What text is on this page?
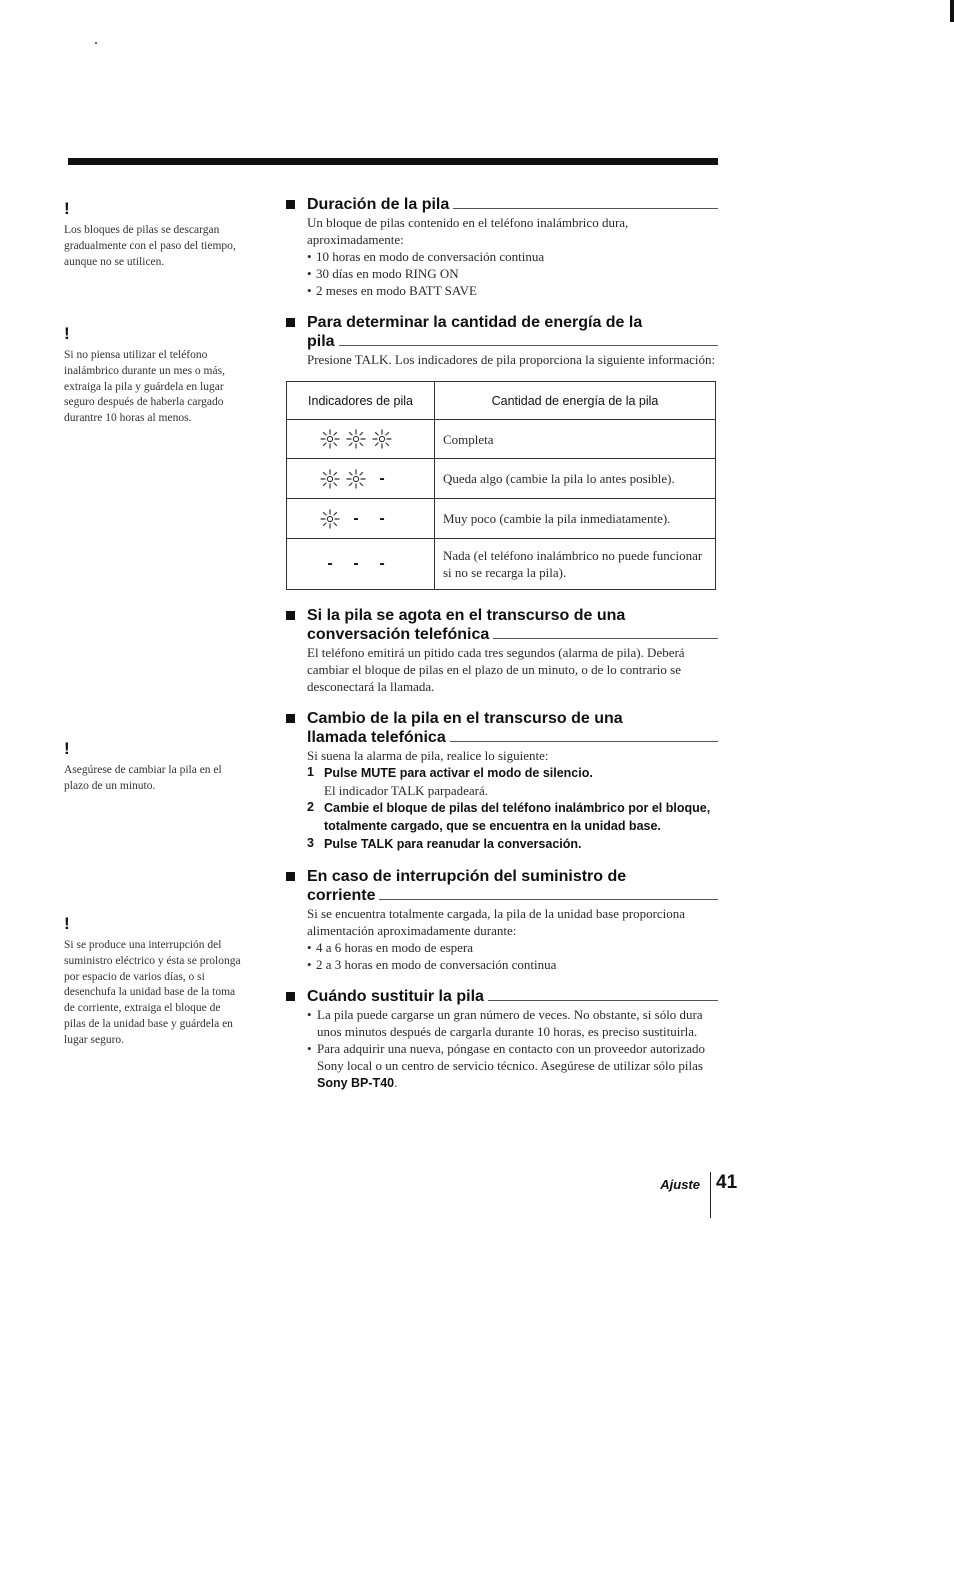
!
Los bloques de pilas se descargan gradualmente con el paso del tiempo, aunque no se utilicen.
!
Si no piensa utilizar el teléfono inalámbrico durante un mes o más, extraiga la pila y guárdela en lugar seguro después de haberla cargado durantre 10 horas al menos.
!
Asegúrese de cambiar la pila en el plazo de un minuto.
!
Si se produce una interrupción del suministro eléctrico y ésta se prolonga por espacio de varios días, o si desenchufa la unidad base de la toma de corriente, extraiga el bloque de pilas de la unidad base y guárdela en lugar seguro.
Duración de la pila

Un bloque de pilas contenido en el teléfono inalámbrico dura, aproximadamente:

• 10 horas en modo de conversación continua
• 30 días en modo RING ON
• 2 meses en modo BATT SAVE
Para determinar la cantidad de energía de la
pila

Presione TALK. Los indicadores de pila proporciona la siguiente información:

Indicadores de pila	Cantidad de energía de la pila

	Completa

-	Queda algo (cambie la pila lo antes posible).

- -	Muy poco (cambie la pila inmediatamente).

- - -	Nada (el teléfono inalámbrico no puede funcionar si no se recarga la pila).
Si la pila se agota en el transcurso de una
conversación telefónica

El teléfono emitirá un pitido cada tres segundos (alarma de pila). Deberá cambiar el bloque de pilas en el plazo de un minuto, o de lo contrario se desconectará la llamada.

Cambio de la pila en el transcurso de una
llamada telefónica

Si suena la alarma de pila, realice lo siguiente:

1 Pulse MUTE para activar el modo de silencio.
El indicador TALK parpadeará.
2 Cambie el bloque de pilas del teléfono inalámbrico por el bloque, totalmente cargado, que se encuentra en la unidad base.
3 Pulse TALK para reanudar la conversación.
En caso de interrupción del suministro de
corriente

Si se encuentra totalmente cargada, la pila de la unidad base proporciona alimentación aproximadamente durante:

• 4 a 6 horas en modo de espera
• 2 a 3 horas en modo de conversación continua
Cuándo sustituir la pila
• La pila puede cargarse un gran número de veces. No obstante, si sólo dura unos minutos después de cargarla durante 10 horas, es preciso sustituirla.
• Para adquirir una nueva, póngase en contacto con un proveedor autorizado Sony local o un centro de servicio técnico. Asegúrese de utilizar sólo pilas Sony BP-T40.
Ajuste 41
